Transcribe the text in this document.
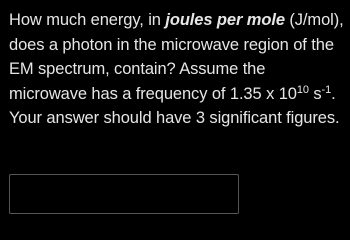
How much energy, in joules per mole (J/mol), does a photon in the microwave region of the EM spectrum, contain? Assume the microwave has a frequency of 1.35 x $10^{10}$ $s^{-1}$. Your answer should have 3 significant figures.
